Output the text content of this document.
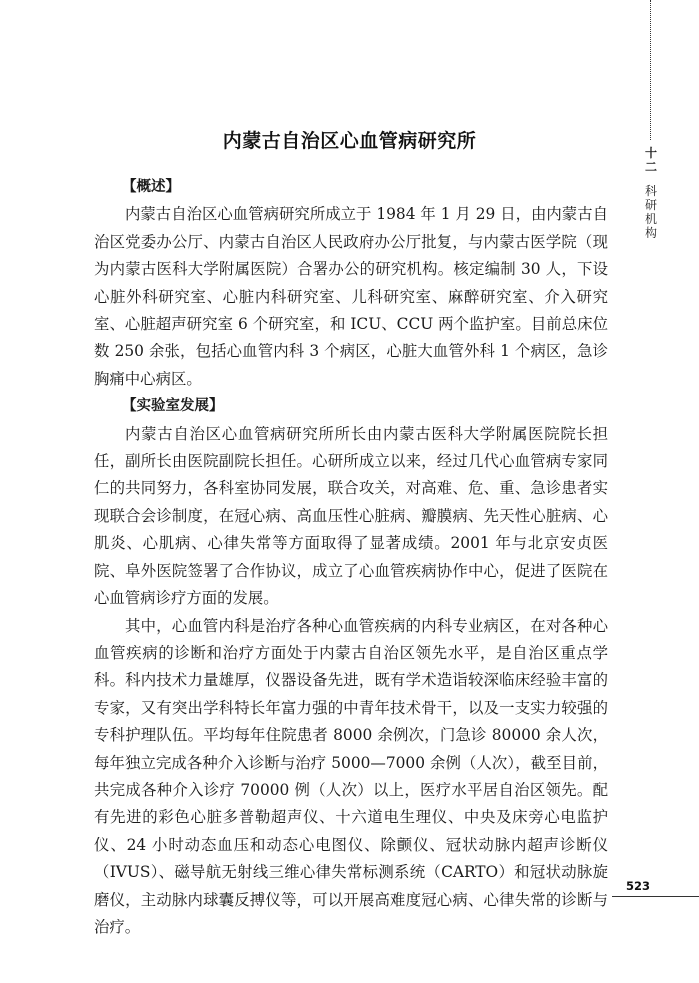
十二
科
研
机
构
内蒙古自治区心血管病研究所

【概述】

内蒙古自治区心血管病研究所成立于 1984 年 1 月 29 日，由内蒙古自治区党委办公厅、内蒙古自治区人民政府办公厅批复，与内蒙古医学院（现为内蒙古医科大学附属医院）合署办公的研究机构。核定编制 30 人，下设心脏外科研究室、心脏内科研究室、儿科研究室、麻醉研究室、介入研究室、心脏超声研究室 6 个研究室，和 ICU、CCU 两个监护室。目前总床位数 250 余张，包括心血管内科 3 个病区，心脏大血管外科 1 个病区，急诊胸痛中心病区。

【实验室发展】

内蒙古自治区心血管病研究所所长由内蒙古医科大学附属医院院长担任，副所长由医院副院长担任。心研所成立以来，经过几代心血管病专家同仁的共同努力，各科室协同发展，联合攻关，对高难、危、重、急诊患者实现联合会诊制度，在冠心病、高血压性心脏病、瓣膜病、先天性心脏病、心肌炎、心肌病、心律失常等方面取得了显著成绩。2001 年与北京安贞医院、阜外医院签署了合作协议，成立了心血管疾病协作中心，促进了医院在心血管病诊疗方面的发展。

其中，心血管内科是治疗各种心血管疾病的内科专业病区，在对各种心血管疾病的诊断和治疗方面处于内蒙古自治区领先水平，是自治区重点学科。科内技术力量雄厚，仪器设备先进，既有学术造诣较深临床经验丰富的专家，又有突出学科特长年富力强的中青年技术骨干，以及一支实力较强的专科护理队伍。平均每年住院患者 8000 余例次，门急诊 80000 余人次，每年独立完成各种介入诊断与治疗 5000—7000 余例（人次），截至目前，共完成各种介入诊疗 70000 例（人次）以上，医疗水平居自治区领先。配有先进的彩色心脏多普勒超声仪、十六道电生理仪、中央及床旁心电监护仪、24 小时动态血压和动态心电图仪、除颤仪、冠状动脉内超声诊断仪（IVUS）、磁导航无射线三维心律失常标测系统（CARTO）和冠状动脉旋磨仪，主动脉内球囊反搏仪等，可以开展高难度冠心病、心律失常的诊断与治疗。

523
